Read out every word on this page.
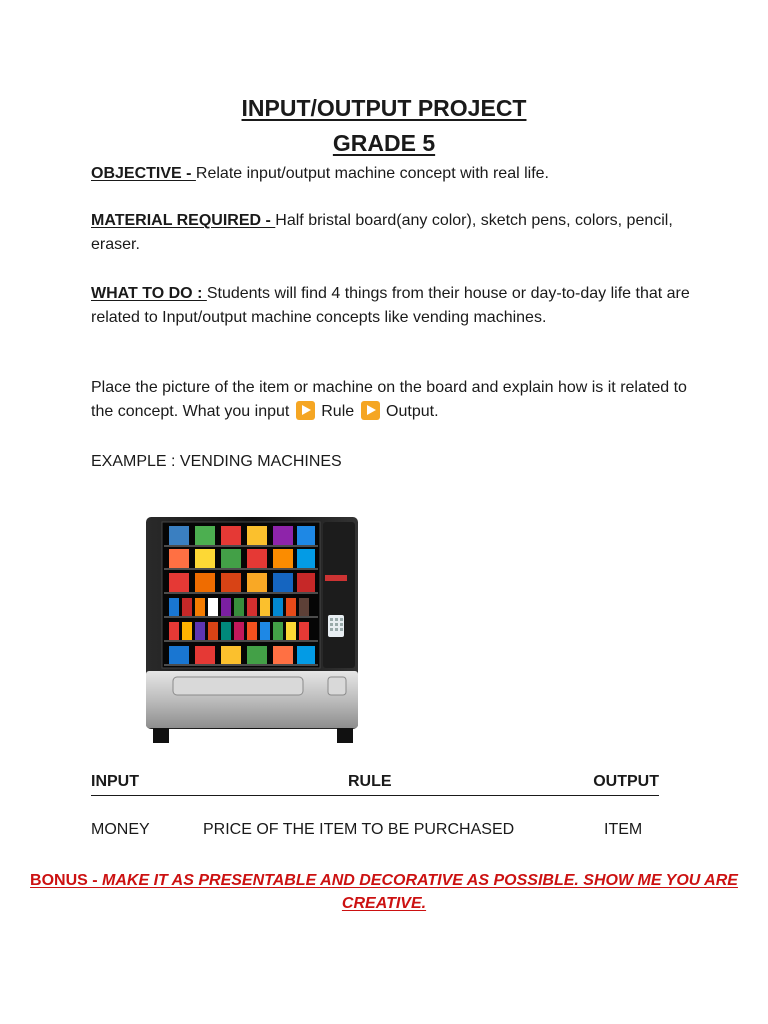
INPUT/OUTPUT PROJECT
GRADE 5

OBJECTIVE - Relate input/output machine concept with real life.

MATERIAL REQUIRED - Half bristal board(any color), sketch pens, colors, pencil, eraser.

WHAT TO DO : Students will find 4 things from their house or day-to-day life that are related to Input/output machine concepts like vending machines.

Place the picture of the item or machine on the board and explain how is it related to the concept. What you input  Rule  Output.

EXAMPLE : VENDING MACHINES

INPUT	RULE	OUTPUT
MONEY	PRICE OF THE ITEM TO BE PURCHASED	ITEM

BONUS - MAKE IT AS PRESENTABLE AND DECORATIVE AS POSSIBLE. SHOW ME YOU ARE CREATIVE.
